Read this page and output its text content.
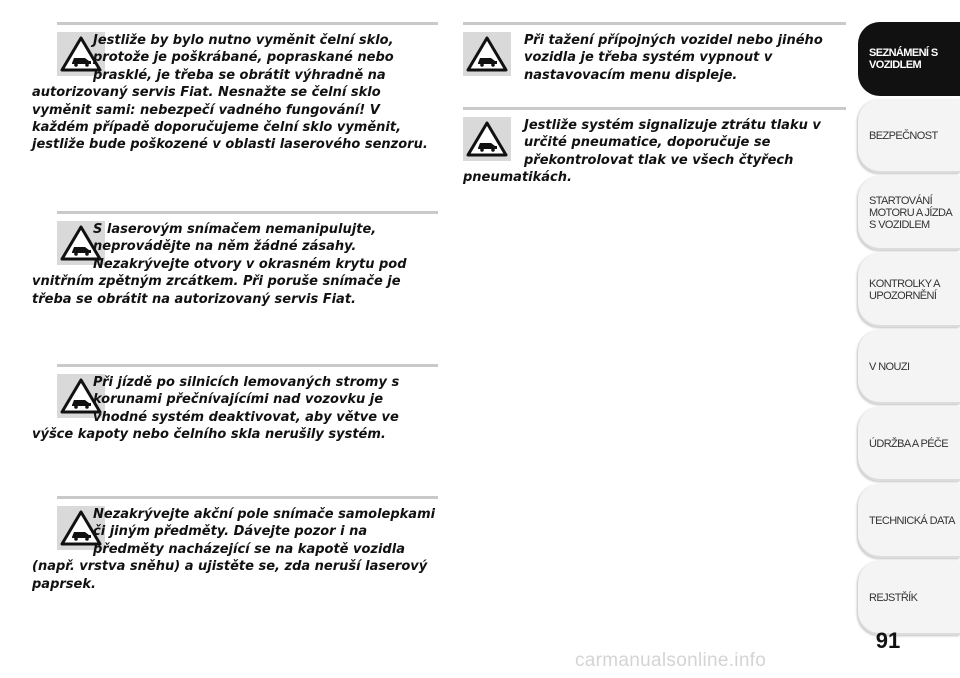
Jestliže by bylo nutno vyměnit čelní sklo, protože je poškrábané, popraskané nebo prasklé, je třeba se obrátit výhradně na autorizovaný servis Fiat. Nesnažte se čelní sklo vyměnit sami: nebezpečí vadného fungování! V každém případě doporučujeme čelní sklo vyměnit, jestliže bude poškozené v oblasti laserového senzoru.

S laserovým snímačem nemanipulujte, neprovádějte na něm žádné zásahy. Nezakrývejte otvory v okrasném krytu pod vnitřním zpětným zrcátkem. Při poruše snímače je třeba se obrátit na autorizovaný servis Fiat.

Při jízdě po silnicích lemovaných stromy s korunami přečnívajícími nad vozovku je vhodné systém deaktivovat, aby větve ve výšce kapoty nebo čelního skla nerušily systém.

Nezakrývejte akční pole snímače samolepkami či jiným předměty. Dávejte pozor i na předměty nacházející se na kapotě vozidla (např. vrstva sněhu) a ujistěte se, zda neruší laserový paprsek.

Při tažení přípojných vozidel nebo jiného vozidla je třeba systém vypnout v nastavovacím menu displeje.

Jestliže systém signalizuje ztrátu tlaku v určité pneumatice, doporučuje se překontrolovat tlak ve všech čtyřech pneumatikách.

SEZNÁMENÍ S VOZIDLEM
BEZPEČNOST
STARTOVÁNÍ MOTORU A JÍZDA S VOZIDLEM
KONTROLKY A UPOZORNĚNÍ
V NOUZI
ÚDRŽBA A PÉČE
TECHNICKÁ DATA
REJSTŘÍK
91
carmanualsonline.info
